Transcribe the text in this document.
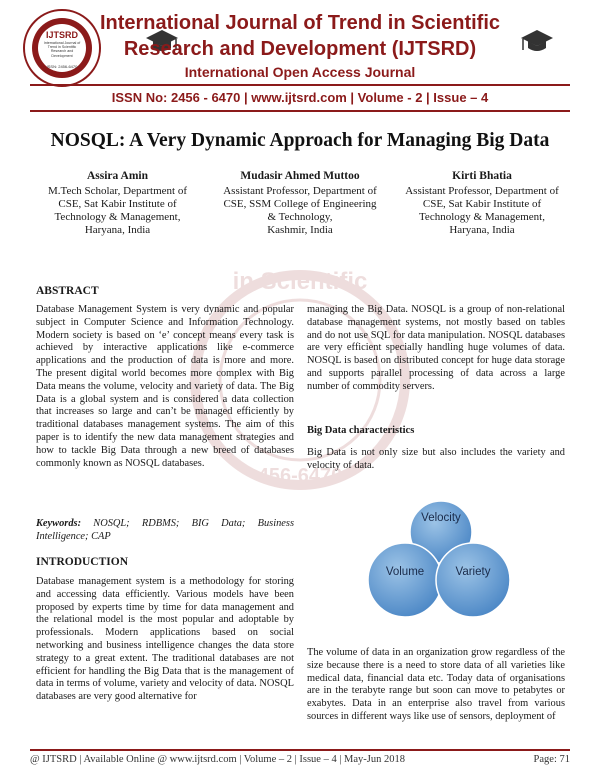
IJTSRD
International Journal of Trend in Scientific Research and Development
ISSN: 2456-6470
International Journal of Trend in Scientific
Research and Development (IJTSRD)
International Open Access Journal
ISSN No: 2456 - 6470 | www.ijtsrd.com | Volume - 2 | Issue – 4
in Scientific
456-6470
NOSQL: A Very Dynamic Approach for Managing Big Data
Assira Amin
M.Tech Scholar, Department of
CSE, Sat Kabir Institute of
Technology & Management,
Haryana, India
Mudasir Ahmed Muttoo
Assistant Professor, Department of
CSE, SSM College of Engineering
& Technology,
Kashmir, India
Kirti Bhatia
Assistant Professor, Department of
CSE, Sat Kabir Institute of
Technology & Management,
Haryana, India
ABSTRACT
Database Management System is very dynamic and popular subject in Computer Science and Information Technology. Modern society is based on ‘e’ concept means every task is achieved by interactive applications like e-commerce applications and the production of data is more and more. The present digital world becomes more complex with Big Data means the volume, velocity and variety of data. The Big Data is a global system and is considered a data collection that increases so large and can’t be managed efficiently by traditional databases management systems. The aim of this paper is to identify the new data management strategies and how to tackle Big Data through a new breed of databases commonly known as NOSQL databases.
Keywords: NOSQL; RDBMS; BIG Data; Business Intelligence; CAP
INTRODUCTION
Database management system is a methodology for storing and accessing data efficiently. Various models have been proposed by experts time by time for data management and the relational model is the most popular and adoptable by professionals. Modern applications based on social networking and business intelligence changes the data store strategy to a great extent. The traditional databases are not efficient for handling the Big Data that is the management of data in terms of volume, variety and velocity of data. NOSQL databases are very good alternative for
managing the Big Data. NOSQL is a group of non-relational database management systems, not mostly based on tables and do not use SQL for data manipulation. NOSQL databases are very efficient specially handling huge volumes of data. NOSQL is based on distributed concept for huge data storage and supports parallel processing of data across a large number of commodity servers.
Big Data characteristics
Big Data is not only size but also includes the variety and velocity of data.
Velocity
Volume	Variety
The volume of data in an organization grow regardless of the size because there is a need to store data of all varieties like medical data, financial data etc. Today data of organisations are in the terabyte range but soon can move to petabytes or exabytes. Data in an enterprise also travel from various sources in different ways like use of sensors, deployment of
@ IJTSRD | Available Online @ www.ijtsrd.com | Volume – 2 | Issue – 4 | May-Jun 2018	Page: 71
